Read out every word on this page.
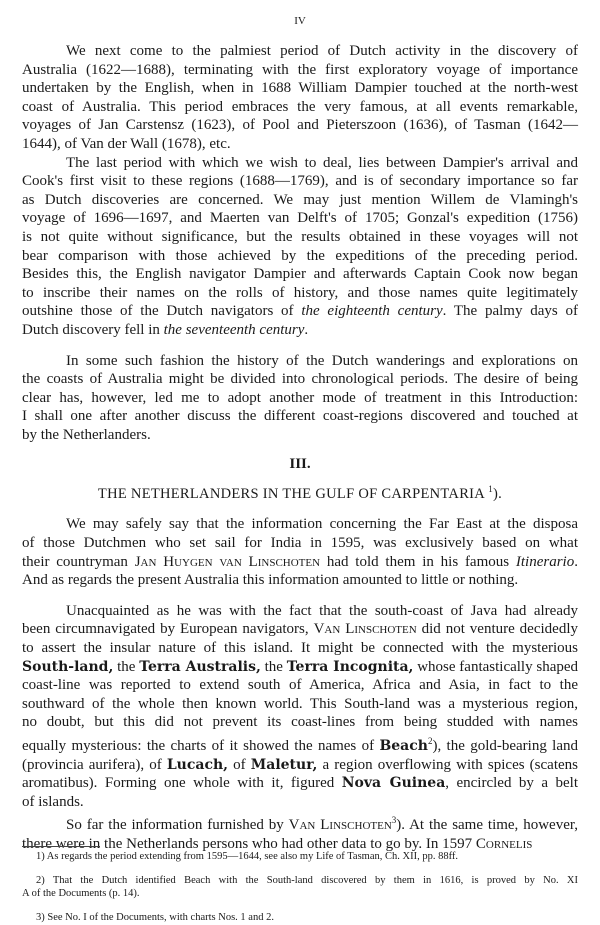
IV
We next come to the palmiest period of Dutch activity in the discovery of
Australia (1622—1688), terminating with the first exploratory voyage of importance
undertaken by the English, when in 1688 William Dampier touched at the north-west
coast of Australia. This period embraces the very famous, at all events remarkable,
voyages of Jan Carstensz (1623), of Pool and Pieterszoon (1636), of Tasman (1642—
1644), of Van der Wall (1678), etc.
The last period with which we wish to deal, lies between Dampier's arrival and
Cook's first visit to these regions (1688—1769), and is of secondary importance so far
as Dutch discoveries are concerned. We may just mention Willem de Vlamingh's
voyage of 1696—1697, and Maerten van Delft's of 1705; Gonzal's expedition (1756)
is not quite without significance, but the results obtained in these voyages will not
bear comparison with those achieved by the expeditions of the preceding period.
Besides this, the English navigator Dampier and afterwards Captain Cook now began
to inscribe their names on the rolls of history, and those names quite legitimately
outshine those of the Dutch navigators of the eighteenth century. The palmy days of
Dutch discovery fell in the seventeenth century.
In some such fashion the history of the Dutch wanderings and explorations on
the coasts of Australia might be divided into chronological periods. The desire of being
clear has, however, led me to adopt another mode of treatment in this Introduction:
I shall one after another discuss the different coast-regions discovered and touched at
by the Netherlanders.
III.
THE NETHERLANDERS IN THE GULF OF CARPENTARIA $^1$).
We may safely say that the information concerning the Far East at the disposa
of those Dutchmen who set sail for India in 1595, was exclusively based on what
their countryman Jan Huygen van Linschoten had told them in his famous Itinerario.
And as regards the present Australia this information amounted to little or nothing.
Unacquainted as he was with the fact that the south-coast of Java had already
been circumnavigated by European navigators, Van Linschoten did not venture decidedly
to assert the insular nature of this island. It might be connected with the mysterious
South-land, the Terra Australis, the Terra Incognita, whose fantastically shaped
coast-line was reported to extend south of America, Africa and Asia, in fact to the
southward of the whole then known world. This South-land was a mysterious region,
no doubt, but this did not prevent its coast-lines from being studded with names
equally mysterious: the charts of it showed the names of Beach$^2$), the gold-bearing land
(provincia aurifera), of Lucach, of Maletur, a region overflowing with spices (scatens
aromatibus). Forming one whole with it, figured Nova Guinea, encircled by a belt
of islands.
So far the information furnished by Van Linschoten$^3$). At the same time, however,
there were in the Netherlands persons who had other data to go by. In 1597 Cornelis
1) As regards the period extending from 1595—1644, see also my Life of Tasman, Ch. XII, pp. 88ff.
2) That the Dutch identified Beach with the South-land discovered by them in 1616, is proved by No. XI
A of the Documents (p. 14).
3) See No. I of the Documents, with charts Nos. 1 and 2.
